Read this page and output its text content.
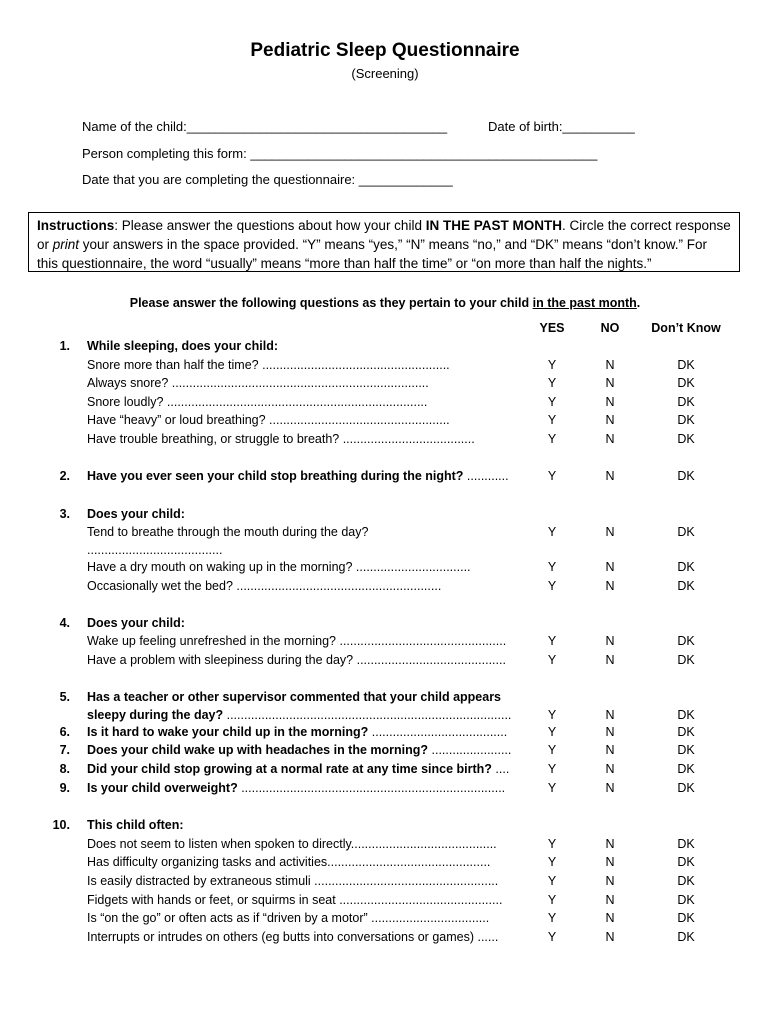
Pediatric Sleep Questionnaire
(Screening)
Name of the child:____________________________________	Date of birth:__________
Person completing this form: ________________________________________________
Date that you are completing the questionnaire: _____________
Instructions: Please answer the questions about how your child IN THE PAST MONTH. Circle the correct response or print your answers in the space provided. “Y” means “yes,” “N” means “no,” and “DK” means “don’t know.” For this questionnaire, the word “usually” means “more than half the time” or “on more than half the nights.”
Please answer the following questions as they pertain to your child in the past month.
YES	NO	Don’t Know
1. While sleeping, does your child:
Snore more than half the time? ......................................................	Y	N	DK
Always snore? ..........................................................................	Y	N	DK
Snore loudly? ...........................................................................	Y	N	DK
Have “heavy” or loud breathing? ....................................................	Y	N	DK
Have trouble breathing, or struggle to breath? ......................................	Y	N	DK
2. Have you ever seen your child stop breathing during the night? ............	Y	N	DK
3. Does your child:
Tend to breathe through the mouth during the day?	Y	N	DK
.......................................
Have a dry mouth on waking up in the morning? .................................	Y	N	DK
Occasionally wet the bed? ...........................................................	Y	N	DK
4. Does your child:
Wake up feeling unrefreshed in the morning? ................................................	Y	N	DK
Have a problem with sleepiness during the day? ...........................................	Y	N	DK
5. Has a teacher or other supervisor commented that your child appears
sleepy during the day? ..................................................................................	Y	N	DK
6. Is it hard to wake your child up in the morning? .......................................	Y	N	DK
7. Does your child wake up with headaches in the morning? .......................	Y	N	DK
8. Did your child stop growing at a normal rate at any time since birth? ....	Y	N	DK
9. Is your child overweight? ............................................................................	Y	N	DK
10. This child often:
Does not seem to listen when spoken to directly..........................................	Y	N	DK
Has difficulty organizing tasks and activities...............................................	Y	N	DK
Is easily distracted by extraneous stimuli .....................................................	Y	N	DK
Fidgets with hands or feet, or squirms in seat ...............................................	Y	N	DK
Is “on the go” or often acts as if “driven by a motor” ..................................	Y	N	DK
Interrupts or intrudes on others (eg butts into conversations or games) ......	Y	N	DK
